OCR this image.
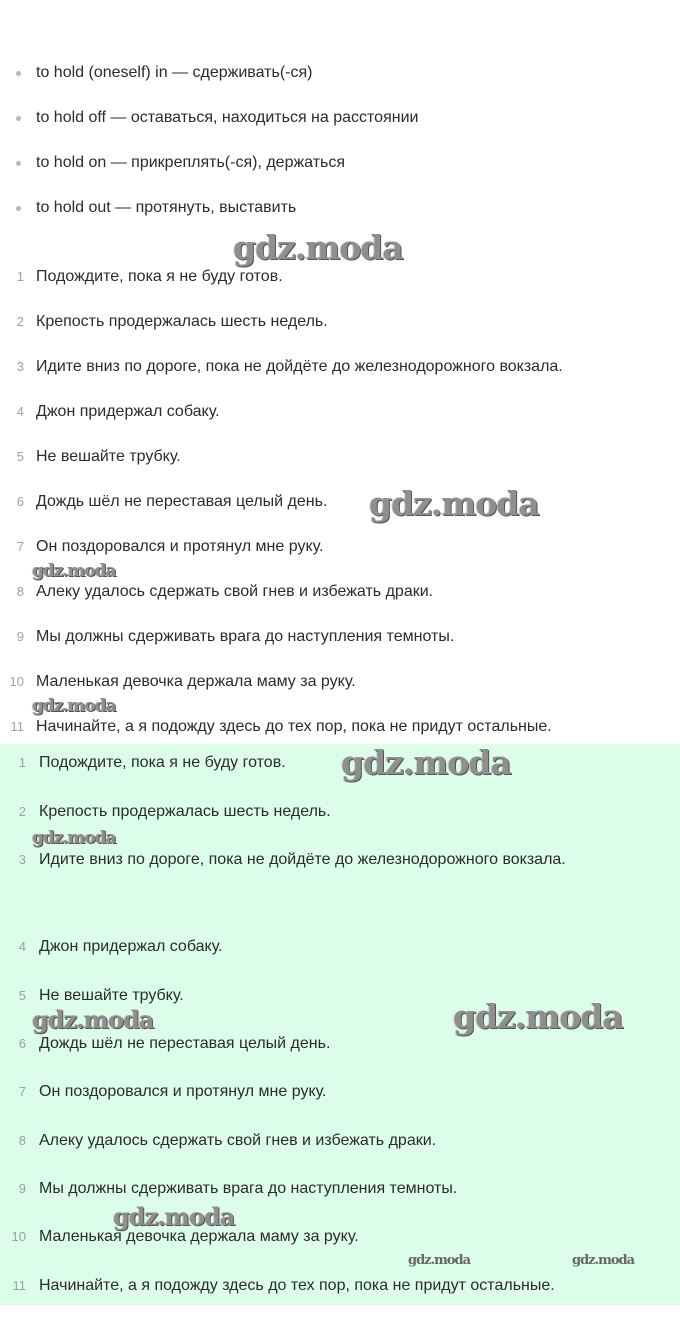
to hold (oneself) in — сдерживать(-ся)
to hold off — оставаться, находиться на расстоянии
to hold on — прикреплять(-ся), держаться
to hold out — протянуть, выставить
1 Подождите, пока я не буду готов.
2 Крепость продержалась шесть недель.
3 Идите вниз по дороге, пока не дойдёте до железнодорожного вокзала.
4 Джон придержал собаку.
5 Не вешайте трубку.
6 Дождь шёл не переставая целый день.
7 Он поздоровался и протянул мне руку.
8 Алеку удалось сдержать свой гнев и избежать драки.
9 Мы должны сдерживать врага до наступления темноты.
10 Маленькая девочка держала маму за руку.
11 Начинайте, а я подожду здесь до тех пор, пока не придут остальные.
1 Подождите, пока я не буду готов.
2 Крепость продержалась шесть недель.
3 Идите вниз по дороге, пока не дойдёте до железнодорожного вокзала.
4 Джон придержал собаку.
5 Не вешайте трубку.
6 Дождь шёл не переставая целый день.
7 Он поздоровался и протянул мне руку.
8 Алеку удалось сдержать свой гнев и избежать драки.
9 Мы должны сдерживать врага до наступления темноты.
10 Маленькая девочка держала маму за руку.
11 Начинайте, а я подожду здесь до тех пор, пока не придут остальные.
gdz.moda
gdz.moda
gdz.moda
gdz.moda
gdz.moda
gdz.moda
gdz.moda	gdz.moda
gdz.moda
gdz.moda	gdz.moda
